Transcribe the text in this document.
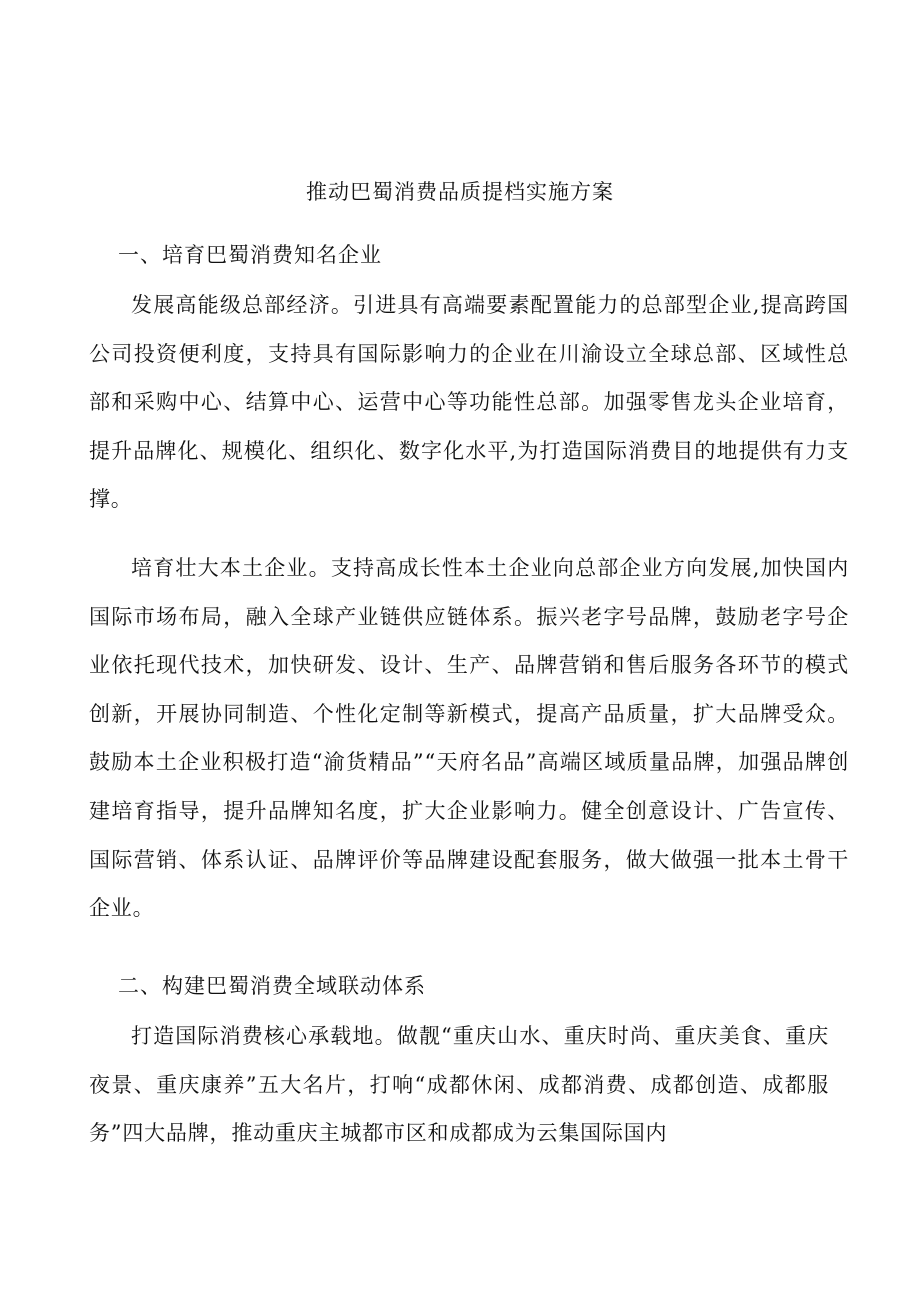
推动巴蜀消费品质提档实施方案
一、培育巴蜀消费知名企业

发展高能级总部经济。引进具有高端要素配置能力的总部型企业,提高跨国公司投资便利度，支持具有国际影响力的企业在川渝设立全球总部、区域性总部和采购中心、结算中心、运营中心等功能性总部。加强零售龙头企业培育，提升品牌化、规模化、组织化、数字化水平,为打造国际消费目的地提供有力支撑。

培育壮大本土企业。支持高成长性本土企业向总部企业方向发展,加快国内国际市场布局，融入全球产业链供应链体系。振兴老字号品牌，鼓励老字号企业依托现代技术，加快研发、设计、生产、品牌营销和售后服务各环节的模式创新，开展协同制造、个性化定制等新模式，提高产品质量，扩大品牌受众。鼓励本土企业积极打造“渝货精品”“天府名品”高端区域质量品牌，加强品牌创建培育指导，提升品牌知名度，扩大企业影响力。健全创意设计、广告宣传、国际营销、体系认证、品牌评价等品牌建设配套服务，做大做强一批本土骨干企业。

二、构建巴蜀消费全域联动体系

打造国际消费核心承载地。做靓“重庆山水、重庆时尚、重庆美食、重庆夜景、重庆康养”五大名片，打响“成都休闲、成都消费、成都创造、成都服务”四大品牌，推动重庆主城都市区和成都成为云集国际国内
